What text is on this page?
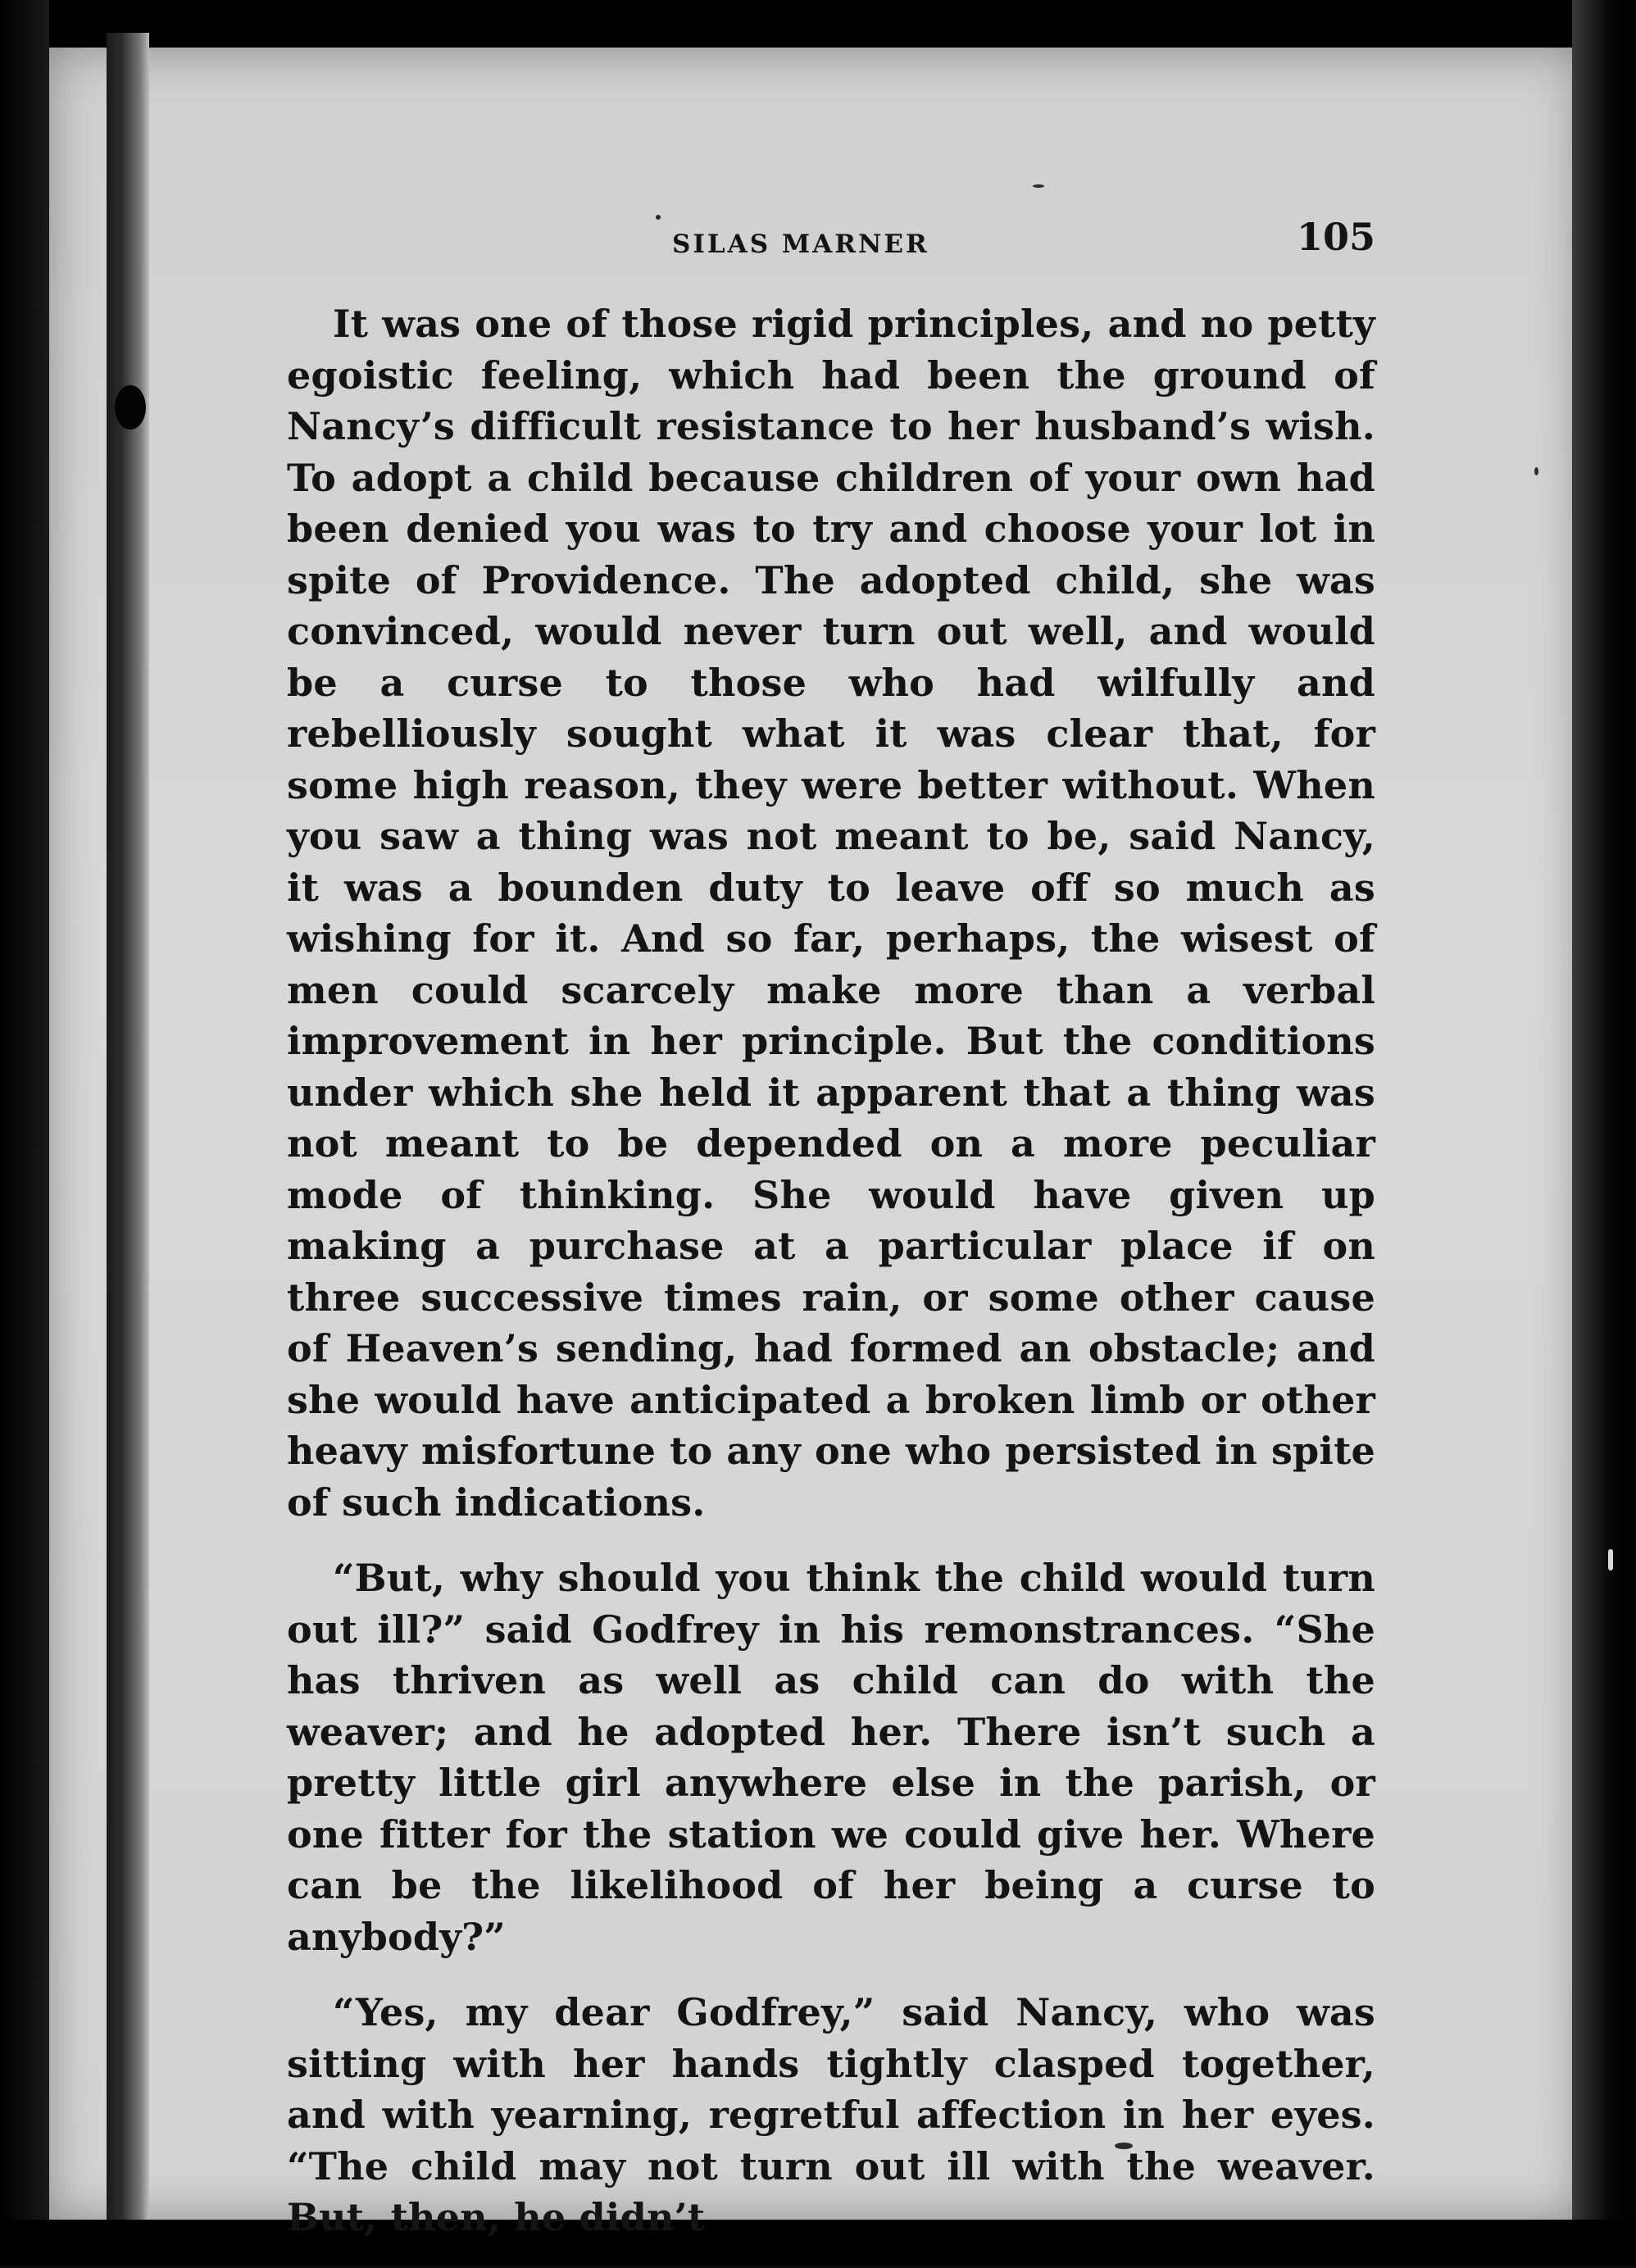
SILAS MARNER	105

It was one of those rigid principles, and no petty egoistic feeling, which had been the ground of Nancy’s difficult resistance to her husband’s wish. To adopt a child because children of your own had been denied you was to try and choose your lot in spite of Providence. The adopted child, she was convinced, would never turn out well, and would be a curse to those who had wilfully and rebelliously sought what it was clear that, for some high reason, they were better without. When you saw a thing was not meant to be, said Nancy, it was a bounden duty to leave off so much as wishing for it. And so far, perhaps, the wisest of men could scarcely make more than a verbal improvement in her principle. But the conditions under which she held it apparent that a thing was not meant to be depended on a more peculiar mode of thinking. She would have given up making a purchase at a particular place if on three successive times rain, or some other cause of Heaven’s sending, had formed an obstacle; and she would have anticipated a broken limb or other heavy misfortune to any one who persisted in spite of such indications.

“But, why should you think the child would turn out ill?” said Godfrey in his remonstrances. “She has thriven as well as child can do with the weaver; and he adopted her. There isn’t such a pretty little girl anywhere else in the parish, or one fitter for the station we could give her. Where can be the likelihood of her being a curse to anybody?”

“Yes, my dear Godfrey,” said Nancy, who was sitting with her hands tightly clasped together, and with yearning, regretful affection in her eyes. “The child may not turn out ill with the weaver. But, then, he didn’t
